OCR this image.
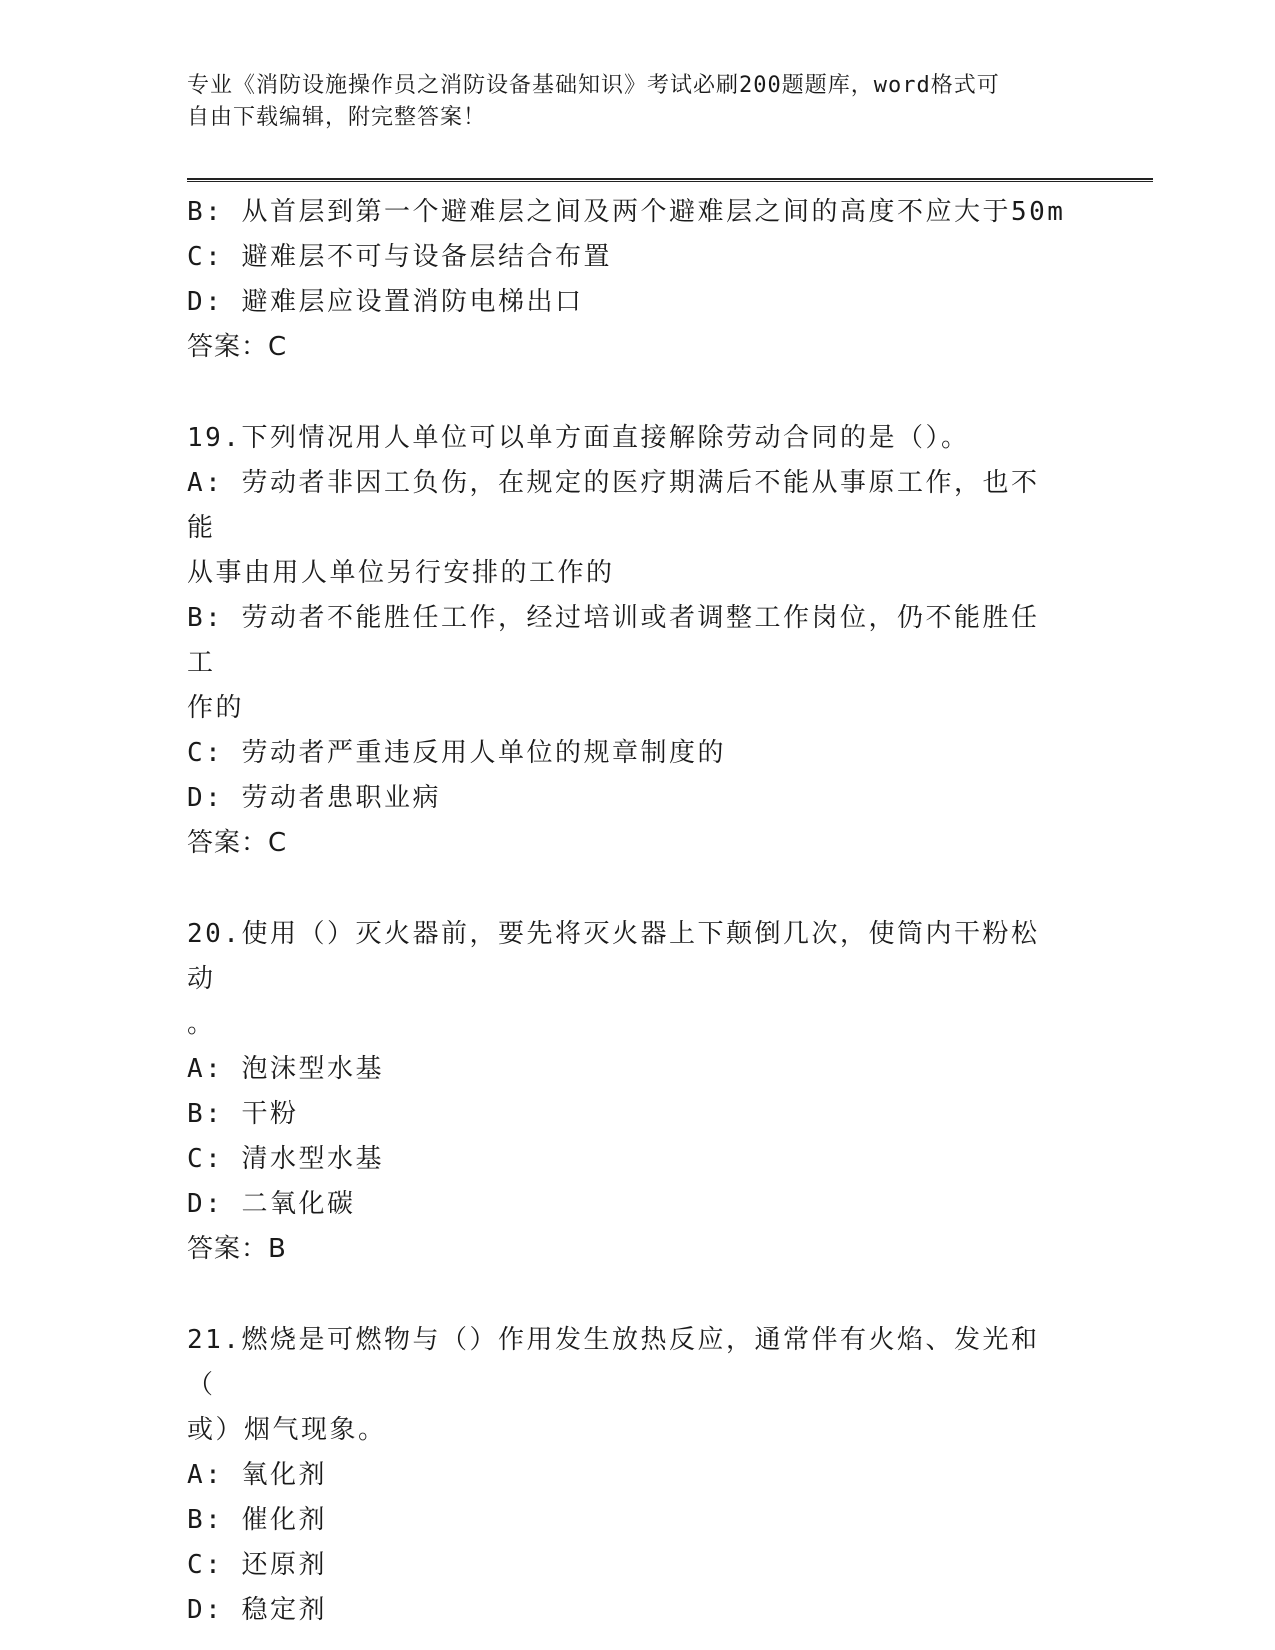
专业《消防设施操作员之消防设备基础知识》考试必刷200题题库，word格式可
自由下载编辑，附完整答案！
B: 从首层到第一个避难层之间及两个避难层之间的高度不应大于50m
C: 避难层不可与设备层结合布置
D: 避难层应设置消防电梯出口
答案：C
19.下列情况用人单位可以单方面直接解除劳动合同的是（）。
A: 劳动者非因工负伤，在规定的医疗期满后不能从事原工作，也不能
从事由用人单位另行安排的工作的
B: 劳动者不能胜任工作，经过培训或者调整工作岗位，仍不能胜任工
作的
C: 劳动者严重违反用人单位的规章制度的
D: 劳动者患职业病
答案：C
20.使用（）灭火器前，要先将灭火器上下颠倒几次，使筒内干粉松动
。
A: 泡沫型水基
B: 干粉
C: 清水型水基
D: 二氧化碳
答案：B
21.燃烧是可燃物与（）作用发生放热反应，通常伴有火焰、发光和（
或）烟气现象。
A: 氧化剂
B: 催化剂
C: 还原剂
D: 稳定剂
